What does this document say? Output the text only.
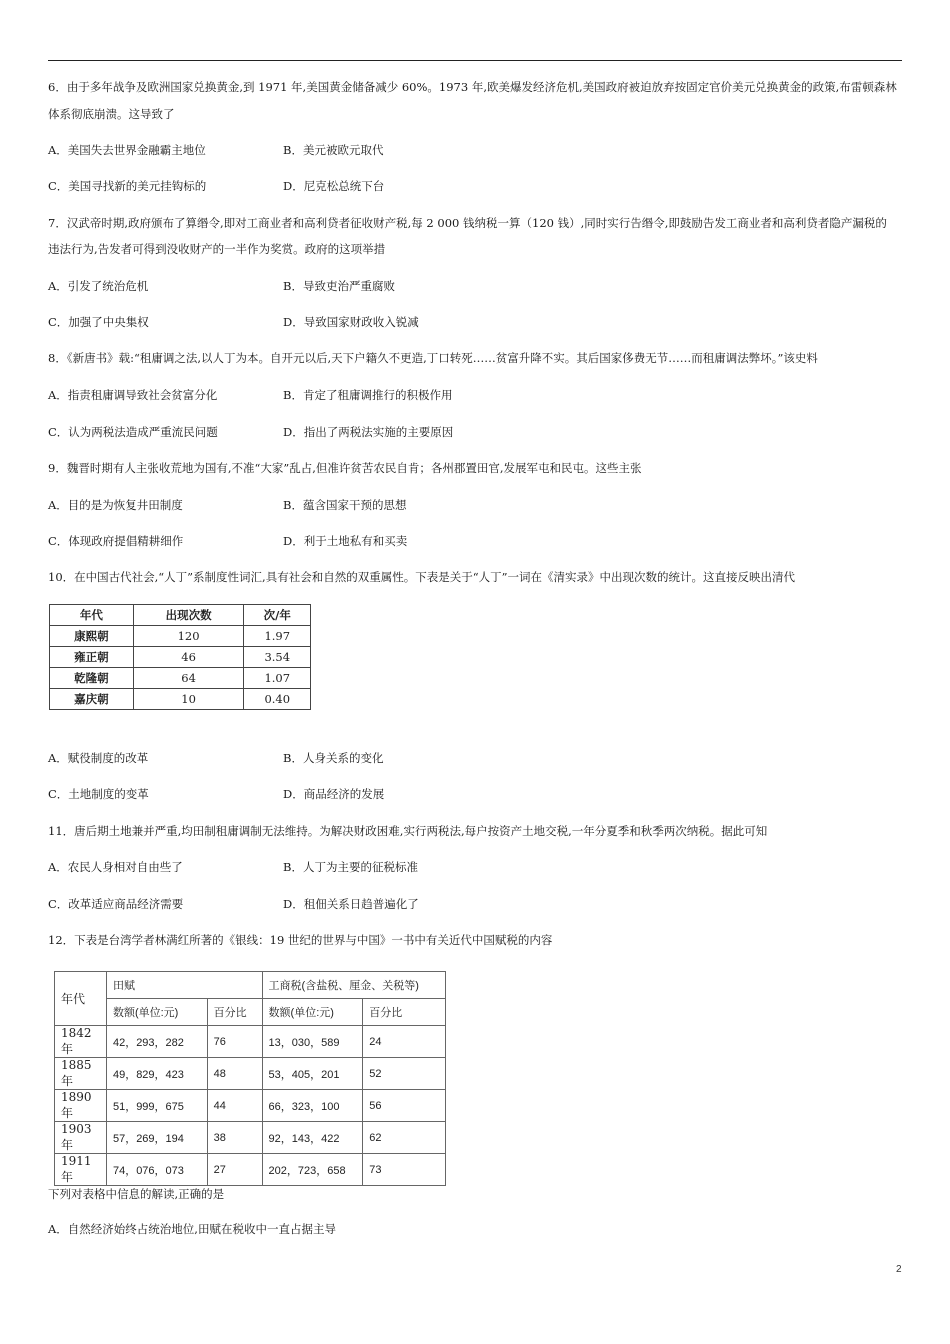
6．由于多年战争及欧洲国家兑换黄金,到 1971 年,美国黄金储备减少 60%。1973 年,欧美爆发经济危机,美国政府被迫放弃按固定官价美元兑换黄金的政策,布雷顿森林
体系彻底崩溃。这导致了
A．美国失去世界金融霸主地位	B．美元被欧元取代
C．美国寻找新的美元挂钩标的	D．尼克松总统下台
7．汉武帝时期,政府颁布了算缗令,即对工商业者和高利贷者征收财产税,每 2 000 钱纳税一算（120 钱）,同时实行告缗令,即鼓励告发工商业者和高利贷者隐产漏税的
违法行为,告发者可得到没收财产的一半作为奖赏。政府的这项举措
A．引发了统治危机	B．导致吏治严重腐败
C．加强了中央集权	D．导致国家财政收入锐减
8．《新唐书》载:“租庸调之法,以人丁为本。自开元以后,天下户籍久不更造,丁口转死……贫富升降不实。其后国家侈费无节……而租庸调法弊坏。”该史料
A．指责租庸调导致社会贫富分化	B．肯定了租庸调推行的积极作用
C．认为两税法造成严重流民问题	D．指出了两税法实施的主要原因
9．魏晋时期有人主张收荒地为国有,不准“大家”乱占,但准许贫苦农民自肯；各州郡置田官,发展军屯和民屯。这些主张
A．目的是为恢复井田制度	B．蕴含国家干预的思想
C．体现政府提倡精耕细作	D．利于土地私有和买卖
10．在中国古代社会,“人丁”系制度性词汇,具有社会和自然的双重属性。下表是关于“人丁”一词在《清实录》中出现次数的统计。这直接反映出清代
年代	出现次数	次/年
康熙朝	120	1.97
雍正朝	46	3.54
乾隆朝	64	1.07
嘉庆朝	10	0.40
A．赋役制度的改革	B．人身关系的变化
C．土地制度的变革	D．商品经济的发展
11．唐后期土地兼并严重,均田制租庸调制无法维持。为解决财政困难,实行两税法,每户按资产土地交税,一年分夏季和秋季两次纳税。据此可知
A．农民人身相对自由些了	B．人丁为主要的征税标准
C．改革适应商品经济需要	D．租佃关系日趋普遍化了
12．下表是台湾学者林满红所著的《银线：19 世纪的世界与中国》一书中有关近代中国赋税的内容
年代	田赋		工商税(含盐税、厘金、关税等)	
	数额(单位:元)	百分比	数额(单位:元)	百分比
1842 年	42，293，282	76	13，030，589	24
1885 年	49，829，423	48	53，405，201	52
1890 年	51，999，675	44	66，323，100	56
1903 年	57，269，194	38	92，143，422	62
1911 年	74，076，073	27	202，723，658	73
下列对表格中信息的解读,正确的是
A．自然经济始终占统治地位,田赋在税收中一直占据主导
2
